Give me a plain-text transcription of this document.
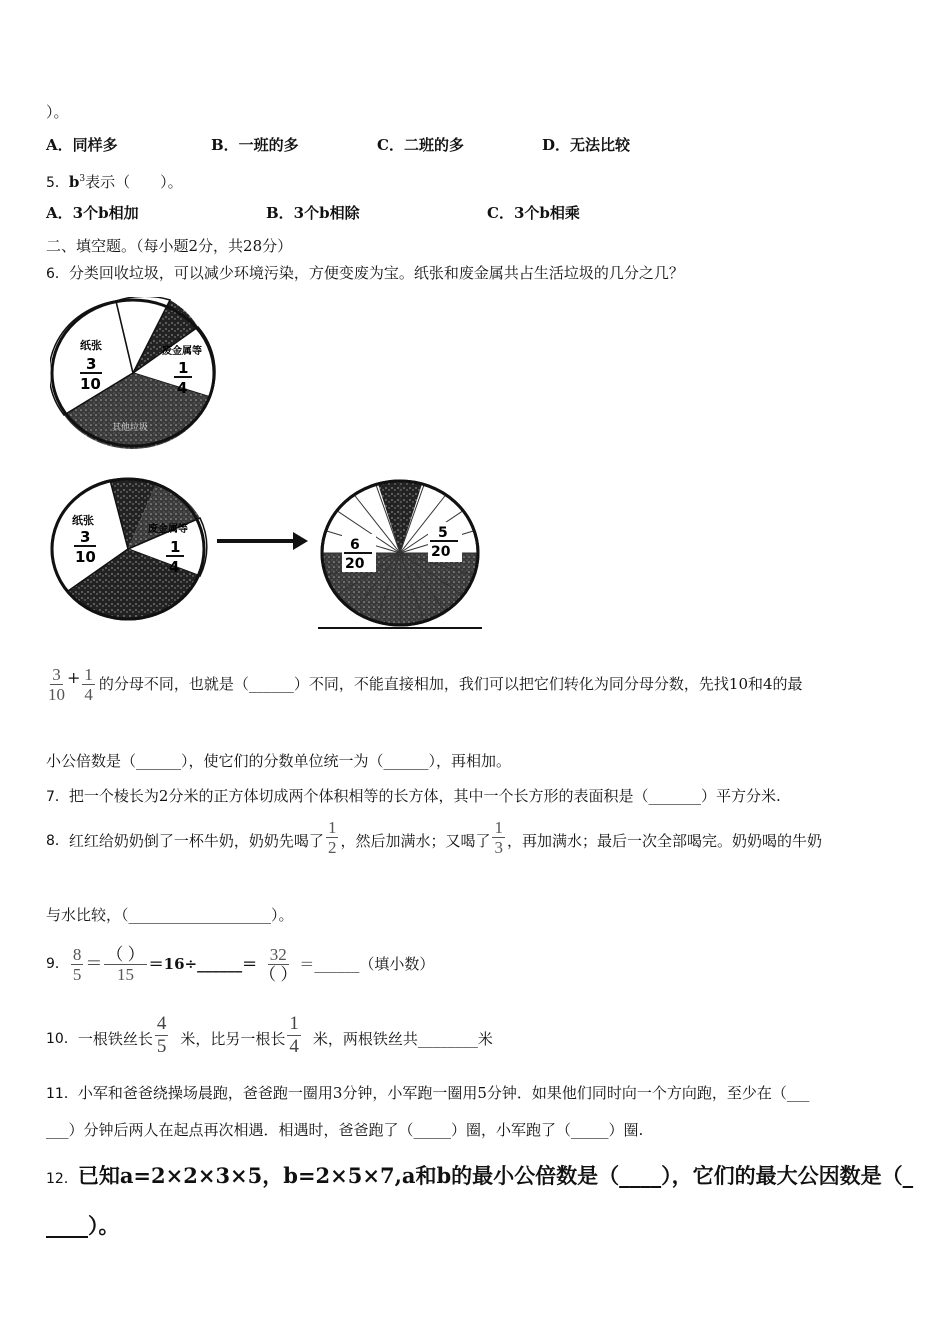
）。
A．同样多	B．一班的多	C．二班的多	D．无法比较
5．$b^3$表示（　　）。
A．3个b相加	B．3个b相除	C．3个b相乘
二、填空题。（每小题2分，共28分）
6．分类回收垃圾，可以减少环境污染，方便变废为宝。纸张和废金属共占生活垃圾的几分之几？
纸张
3
10
废金属等
1
4
其他垃圾
纸张
3
10
废金属等
1
4
6
20
5
20
$\frac{3}{10} + \frac{1}{4}$ 的分母不同，也就是（______）不同，不能直接相加，我们可以把它们转化为同分母分数，先找10和4的最
小公倍数是（______），使它们的分数单位统一为（______），再相加。
7．把一个棱长为2分米的正方体切成两个体积相等的长方体，其中一个长方形的表面积是（_______）平方分米.
8． 红红给奶奶倒了一杯牛奶，奶奶先喝了 $\frac{1}{2}$ ，然后加满水；又喝了 $\frac{1}{3}$ ，再加满水；最后一次全部喝完。奶奶喝的牛奶
与水比较，（___________________）。
9． $\frac{8}{5} = \frac{( )}{15}$ ＝16÷______＝ $\frac{32}{( )}$ ＝______（填小数）
10． 一根铁丝长 $\frac{4}{5}$ 米，比另一根长 $\frac{1}{4}$ 米，两根铁丝共________米
11．小军和爸爸绕操场晨跑，爸爸跑一圈用3分钟，小军跑一圈用5分钟．如果他们同时向一个方向跑，至少在（___
___）分钟后两人在起点再次相遇．相遇时，爸爸跑了（_____）圈，小军跑了（_____）圈.
12．已知a=2×2×3×5，b=2×5×7,a和b的最小公倍数是（____），它们的最大公因数是（_
____）。
